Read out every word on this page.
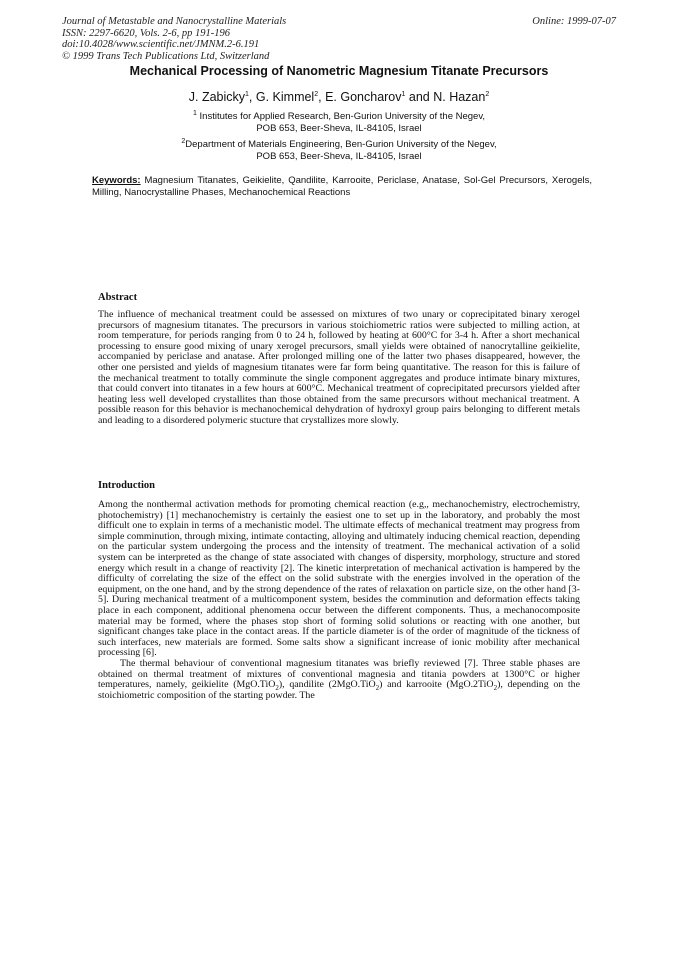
Journal of Metastable and Nanocrystalline Materials
ISSN: 2297-6620, Vols. 2-6, pp 191-196
doi:10.4028/www.scientific.net/JMNM.2-6.191
© 1999 Trans Tech Publications Ltd, Switzerland
Online: 1999-07-07
Mechanical Processing of Nanometric Magnesium Titanate Precursors
J. Zabicky$^1$, G. Kimmel$^2$, E. Goncharov$^1$ and N. Hazan$^2$
$^1$ Institutes for Applied Research, Ben-Gurion University of the Negev,
POB 653, Beer-Sheva, IL-84105, Israel
$^2$Department of Materials Engineering, Ben-Gurion University of the Negev,
POB 653, Beer-Sheva, IL-84105, Israel
Keywords: Magnesium Titanates, Geikielite, Qandilite, Karrooite, Periclase, Anatase, Sol-Gel Precursors, Xerogels, Milling, Nanocrystalline Phases, Mechanochemical Reactions
Abstract
The influence of mechanical treatment could be assessed on mixtures of two unary or coprecipitated binary xerogel precursors of magnesium titanates. The precursors in various stoichiometric ratios were subjected to milling action, at room temperature, for periods ranging from 0 to 24 h, followed by heating at 600°C for 3-4 h. After a short mechanical processing to ensure good mixing of unary xerogel precursors, small yields were obtained of nanocrytalline geikielite, accompanied by periclase and anatase. After prolonged milling one of the latter two phases disappeared, however, the other one persisted and yields of magnesium titanates were far form being quantitative. The reason for this is failure of the mechanical treatment to totally comminute the single component aggregates and produce intimate binary mixtures, that could convert into titanates in a few hours at 600°C. Mechanical treatment of coprecipitated precursors yielded after heating less well developed crystallites than those obtained from the same precursors without mechanical treatment. A possible reason for this behavior is mechanochemical dehydration of hydroxyl group pairs belonging to different metals and leading to a disordered polymeric stucture that crystallizes more slowly.
Introduction
Among the nonthermal activation methods for promoting chemical reaction (e.g,, mechanochemistry, electrochemistry, photochemistry) [1] mechanochemistry is certainly the easiest one to set up in the laboratory, and probably the most difficult one to explain in terms of a mechanistic model. The ultimate effects of mechanical treatment may progress from simple comminution, through mixing, intimate contacting, alloying and ultimately inducing chemical reaction, depending on the particular system undergoing the process and the intensity of treatment. The mechanical activation of a solid system can be interpreted as the change of state associated with changes of dispersity, morphology, structure and stored energy which result in a change of reactivity [2]. The kinetic interpretation of mechanical activation is hampered by the difficulty of correlating the size of the effect on the solid substrate with the energies involved in the operation of the equipment, on the one hand, and by the strong dependence of the rates of relaxation on particle size, on the other hand [3-5]. During mechanical treatment of a multicomponent system, besides the comminution and deformation effects taking place in each component, additional phenomena occur between the different components. Thus, a mechanocomposite material may be formed, where the phases stop short of forming solid solutions or reacting with one another, but significant changes take place in the contact areas. If the particle diameter is of the order of magnitude of the tickness of such interfaces, new materials are formed. Some salts show a significant increase of ionic mobility after mechanical processing [6].
The thermal behaviour of conventional magnesium titanates was briefly reviewed [7]. Three stable phases are obtained on thermal treatment of mixtures of conventional magnesia and titania powders at 1300°C or higher temperatures, namely, geikielite (MgO.TiO$_2$), qandilite (2MgO.TiO$_2$) and karrooite (MgO.2TiO$_2$), depending on the stoichiometric composition of the starting powder. The
